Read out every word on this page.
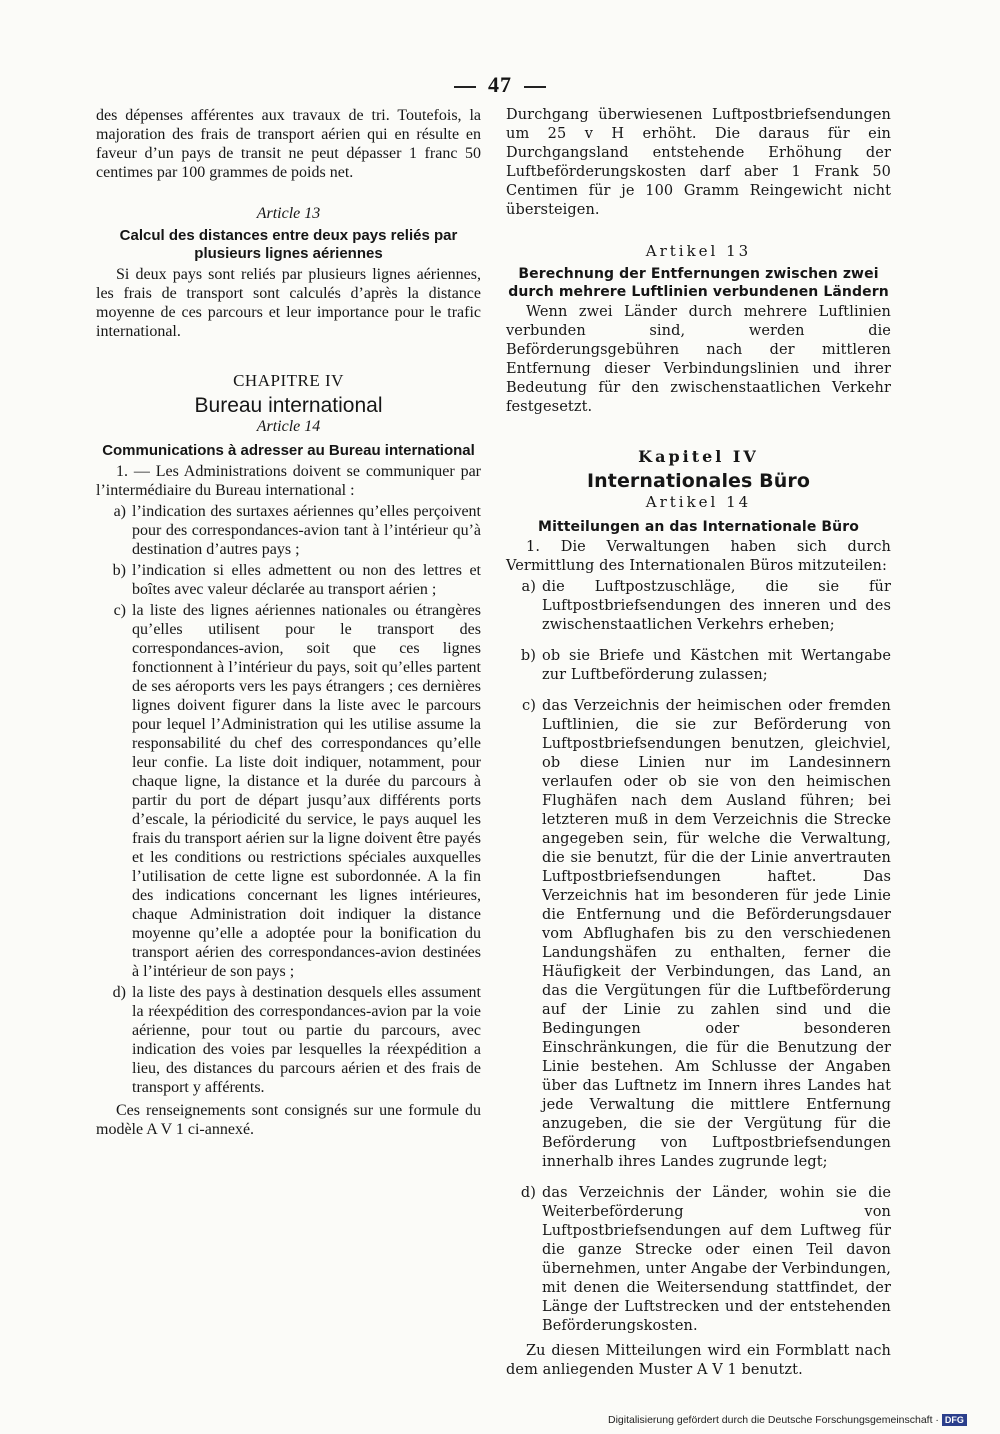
47

des dépenses afférentes aux travaux de tri. Toutefois, la majoration des frais de transport aérien qui en résulte en faveur d’un pays de transit ne peut dépasser 1 franc 50 centimes par 100 grammes de poids net.

Article 13
Calcul des distances entre deux pays reliés par plusieurs lignes aériennes

Si deux pays sont reliés par plusieurs lignes aériennes, les frais de transport sont calculés d’après la distance moyenne de ces parcours et leur importance pour le trafic international.

CHAPITRE IV
Bureau international
Article 14
Communications à adresser au Bureau international

1. — Les Administrations doivent se communiquer par l’intermédiaire du Bureau international :

a) l’indication des surtaxes aériennes qu’elles perçoivent pour des correspondances-avion tant à l’intérieur qu’à destination d’autres pays ;
b) l’indication si elles admettent ou non des lettres et boîtes avec valeur déclarée au transport aérien ;
c) la liste des lignes aériennes nationales ou étrangères qu’elles utilisent pour le transport des correspondances-avion, soit que ces lignes fonctionnent à l’intérieur du pays, soit qu’elles partent de ses aéroports vers les pays étrangers ; ces dernières lignes doivent figurer dans la liste avec le parcours pour lequel l’Administration qui les utilise assume la responsabilité du chef des correspondances qu’elle leur confie. La liste doit indiquer, notamment, pour chaque ligne, la distance et la durée du parcours à partir du port de départ jusqu’aux différents ports d’escale, la périodicité du service, le pays auquel les frais du transport aérien sur la ligne doivent être payés et les conditions ou restrictions spéciales auxquelles l’utilisation de cette ligne est subordonnée. A la fin des indications concernant les lignes intérieures, chaque Administration doit indiquer la distance moyenne qu’elle a adoptée pour la bonification du transport aérien des correspondances-avion destinées à l’intérieur de son pays ;
d) la liste des pays à destination desquels elles assument la réexpédition des correspondances-avion par la voie aérienne, pour tout ou partie du parcours, avec indication des voies par lesquelles la réexpédition a lieu, des distances du parcours aérien et des frais de transport y afférents.

Ces renseignements sont consignés sur une formule du modèle A V 1 ci-annexé.

Durchgang überwiesenen Luftpostbriefsendungen um 25 v H erhöht. Die daraus für ein Durchgangsland entstehende Erhöhung der Luftbeförderungskosten darf aber 1 Frank 50 Centimen für je 100 Gramm Reingewicht nicht übersteigen.

Artikel 13
Berechnung der Entfernungen zwischen zwei durch mehrere Luftlinien verbundenen Ländern

Wenn zwei Länder durch mehrere Luftlinien verbunden sind, werden die Beförderungsgebühren nach der mittleren Entfernung dieser Verbindungslinien und ihrer Bedeutung für den zwischenstaatlichen Verkehr festgesetzt.

Kapitel IV
Internationales Büro
Artikel 14
Mitteilungen an das Internationale Büro

1. Die Verwaltungen haben sich durch Vermittlung des Internationalen Büros mitzuteilen:

a) die Luftpostzuschläge, die sie für Luftpostbriefsendungen des inneren und des zwischenstaatlichen Verkehrs erheben;
b) ob sie Briefe und Kästchen mit Wertangabe zur Luftbeförderung zulassen;
c) das Verzeichnis der heimischen oder fremden Luftlinien, die sie zur Beförderung von Luftpostbriefsendungen benutzen, gleichviel, ob diese Linien nur im Landesinnern verlaufen oder ob sie von den heimischen Flughäfen nach dem Ausland führen; bei letzteren muß in dem Verzeichnis die Strecke angegeben sein, für welche die Verwaltung, die sie benutzt, für die der Linie anvertrauten Luftpostbriefsendungen haftet. Das Verzeichnis hat im besonderen für jede Linie die Entfernung und die Beförderungsdauer vom Abflughafen bis zu den verschiedenen Landungshäfen zu enthalten, ferner die Häufigkeit der Verbindungen, das Land, an das die Vergütungen für die Luftbeförderung auf der Linie zu zahlen sind und die Bedingungen oder besonderen Einschränkungen, die für die Benutzung der Linie bestehen. Am Schlusse der Angaben über das Luftnetz im Innern ihres Landes hat jede Verwaltung die mittlere Entfernung anzugeben, die sie der Vergütung für die Beförderung von Luftpostbriefsendungen innerhalb ihres Landes zugrunde legt;
d) das Verzeichnis der Länder, wohin sie die Weiterbeförderung von Luftpostbriefsendungen auf dem Luftweg für die ganze Strecke oder einen Teil davon übernehmen, unter Angabe der Verbindungen, mit denen die Weitersendung stattfindet, der Länge der Luftstrecken und der entstehenden Beförderungskosten.

Zu diesen Mitteilungen wird ein Formblatt nach dem anliegenden Muster A V 1 benutzt.

Digitalisierung gefördert durch die Deutsche Forschungsgemeinschaft · DFG
